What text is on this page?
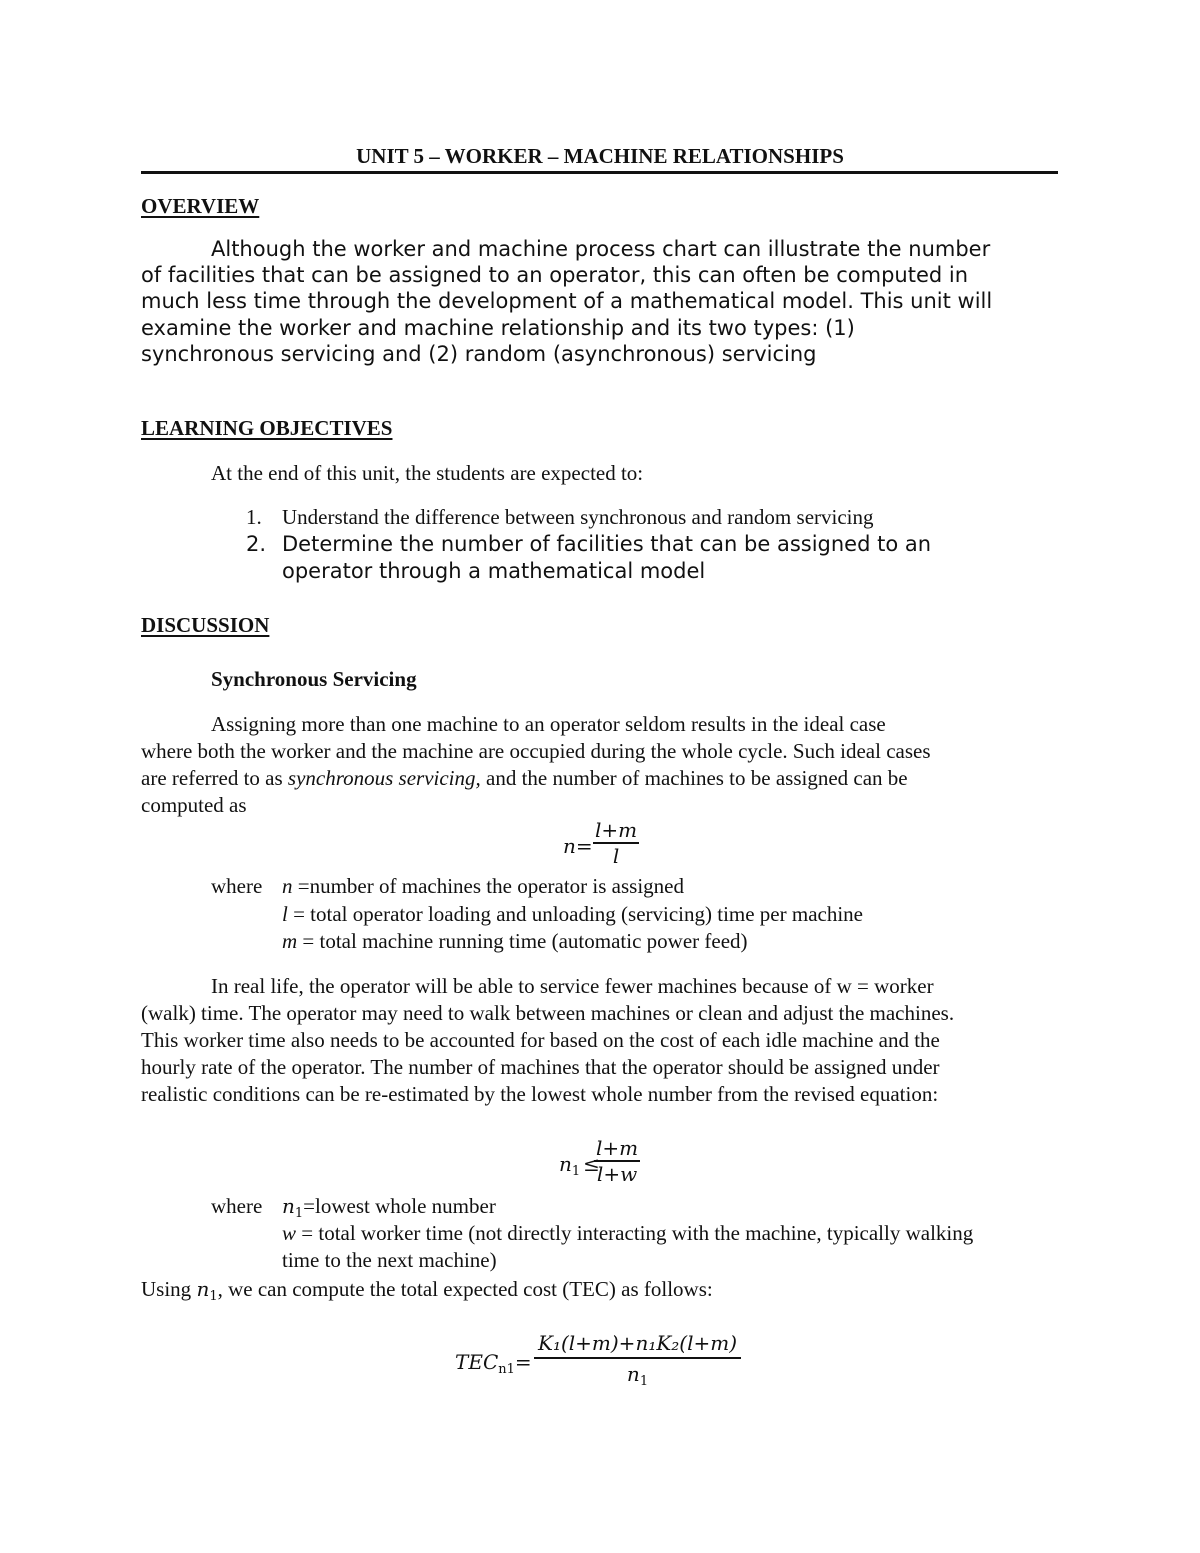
UNIT 5 – WORKER – MACHINE RELATIONSHIPS
OVERVIEW
Although the worker and machine process chart can illustrate the number
of facilities that can be assigned to an operator, this can often be computed in
much less time through the development of a mathematical model. This unit will
examine the worker and machine relationship and its two types: (1)
synchronous servicing and (2) random (asynchronous) servicing
LEARNING OBJECTIVES
At the end of this unit, the students are expected to:
1. Understand the difference between synchronous and random servicing
2. Determine the number of facilities that can be assigned to an
operator through a mathematical model
DISCUSSION
Synchronous Servicing
Assigning more than one machine to an operator seldom results in the ideal case
where both the worker and the machine are occupied during the whole cycle. Such ideal cases
are referred to as synchronous servicing, and the number of machines to be assigned can be
computed as
$n= \frac{l+m}{l}$
where n =number of machines the operator is assigned
l = total operator loading and unloading (servicing) time per machine
m = total machine running time (automatic power feed)
In real life, the operator will be able to service fewer machines because of w = worker
(walk) time. The operator may need to walk between machines or clean and adjust the machines.
This worker time also needs to be accounted for based on the cost of each idle machine and the
hourly rate of the operator. The number of machines that the operator should be assigned under
realistic conditions can be re-estimated by the lowest whole number from the revised equation:
$n_1$ ≤
$\frac{l+m}{l+w}$
where $n_1=lowest$ whole number
w = total worker time (not directly interacting with the machine, typically walking
time to the next machine)
Using $n_1$, we can compute the total expected cost (TEC) as follows:
$TEC_{n1}= \frac{\text{K₁(l+m)+n₁K₂(l+m)}}{n_1}$
